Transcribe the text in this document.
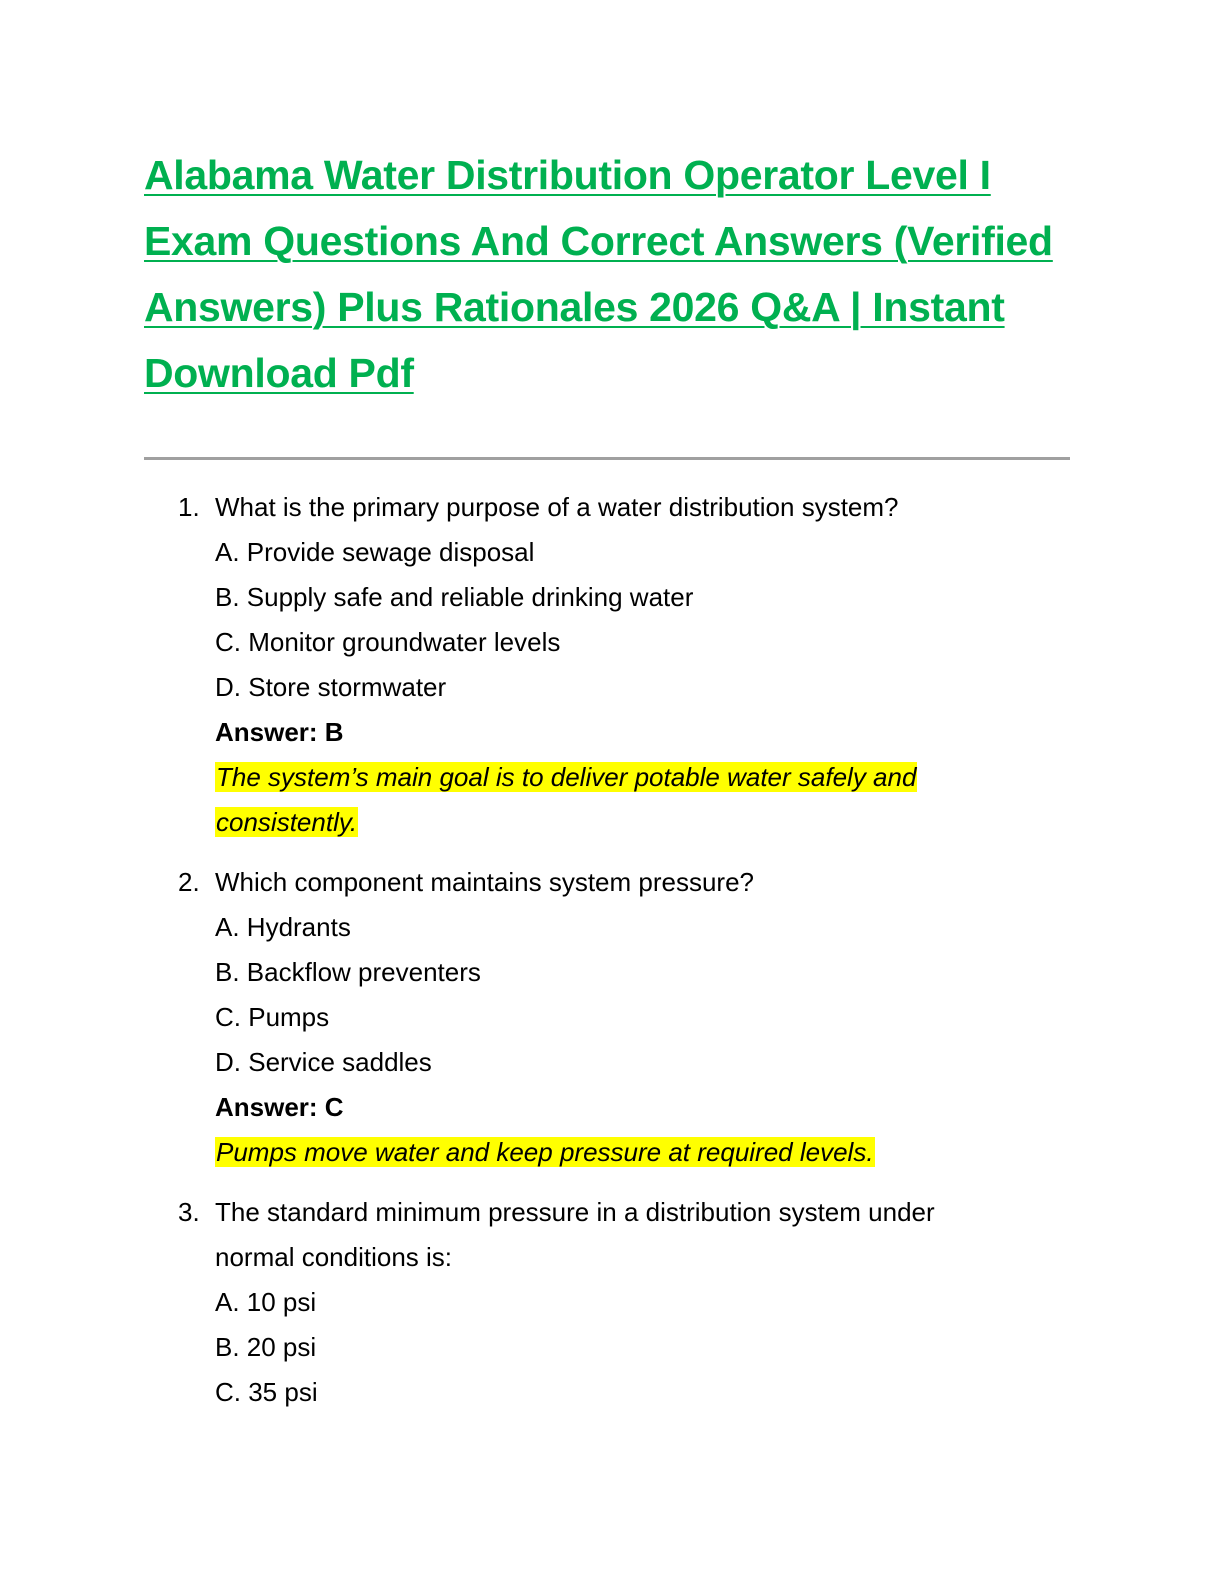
Alabama Water Distribution Operator Level I Exam Questions And Correct Answers (Verified Answers) Plus Rationales 2026 Q&A | Instant Download Pdf
1. What is the primary purpose of a water distribution system?
A. Provide sewage disposal
B. Supply safe and reliable drinking water
C. Monitor groundwater levels
D. Store stormwater
Answer: B
The system’s main goal is to deliver potable water safely and
consistently.
2. Which component maintains system pressure?
A. Hydrants
B. Backflow preventers
C. Pumps
D. Service saddles
Answer: C
Pumps move water and keep pressure at required levels.
3. The standard minimum pressure in a distribution system under
normal conditions is:
A. 10 psi
B. 20 psi
C. 35 psi
